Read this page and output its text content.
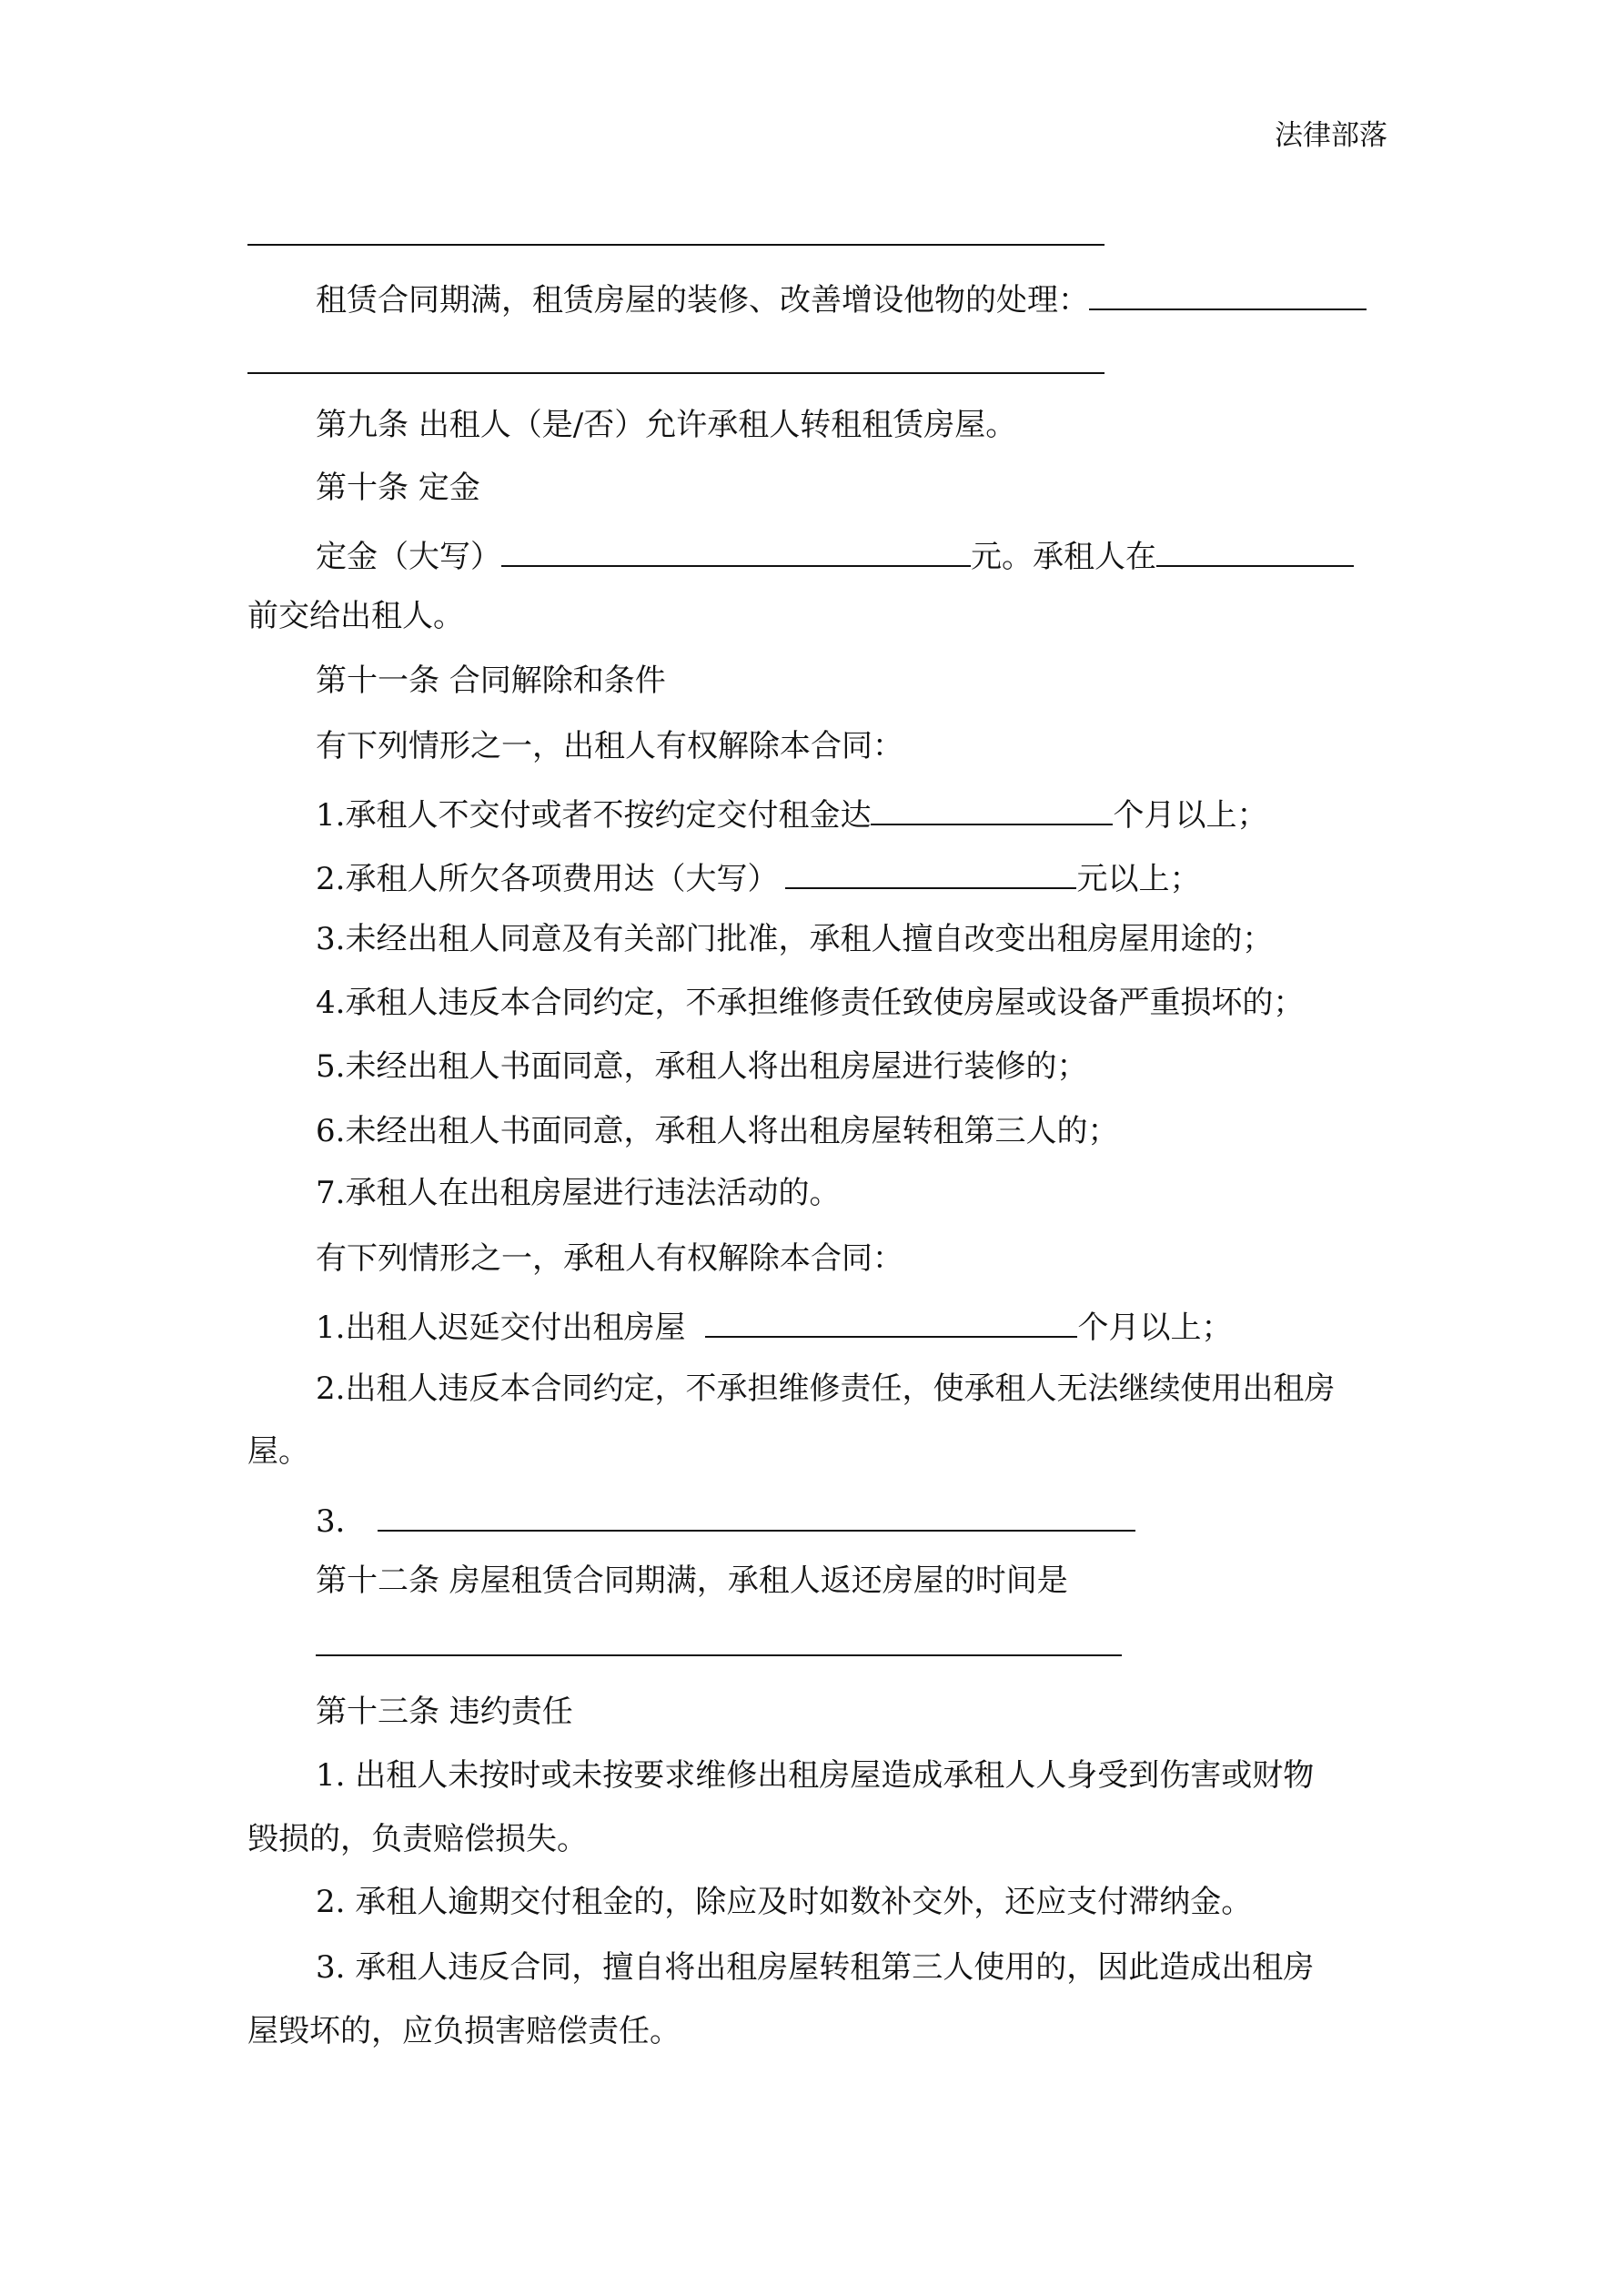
法律部落
租赁合同期满，租赁房屋的装修、改善增设他物的处理：
第九条 出租人（是/否）允许承租人转租租赁房屋。
第十条 定金
定金（大写）	元。承租人在
前交给出租人。
第十一条 合同解除和条件
有下列情形之一，出租人有权解除本合同：
1.承租人不交付或者不按约定交付租金达	个月以上；
2.承租人所欠各项费用达（大写）	元以上；
3.未经出租人同意及有关部门批准，承租人擅自改变出租房屋用途的；
4.承租人违反本合同约定，不承担维修责任致使房屋或设备严重损坏的；
5.未经出租人书面同意，承租人将出租房屋进行装修的；
6.未经出租人书面同意，承租人将出租房屋转租第三人的；
7.承租人在出租房屋进行违法活动的。
有下列情形之一，承租人有权解除本合同：
1.出租人迟延交付出租房屋	个月以上；
2.出租人违反本合同约定，不承担维修责任，使承租人无法继续使用出租房
屋。
3．
第十二条 房屋租赁合同期满，承租人返还房屋的时间是
第十三条 违约责任
1. 出租人未按时或未按要求维修出租房屋造成承租人人身受到伤害或财物
毁损的，负责赔偿损失。
2. 承租人逾期交付租金的，除应及时如数补交外，还应支付滞纳金。
3. 承租人违反合同，擅自将出租房屋转租第三人使用的，因此造成出租房
屋毁坏的，应负损害赔偿责任。
